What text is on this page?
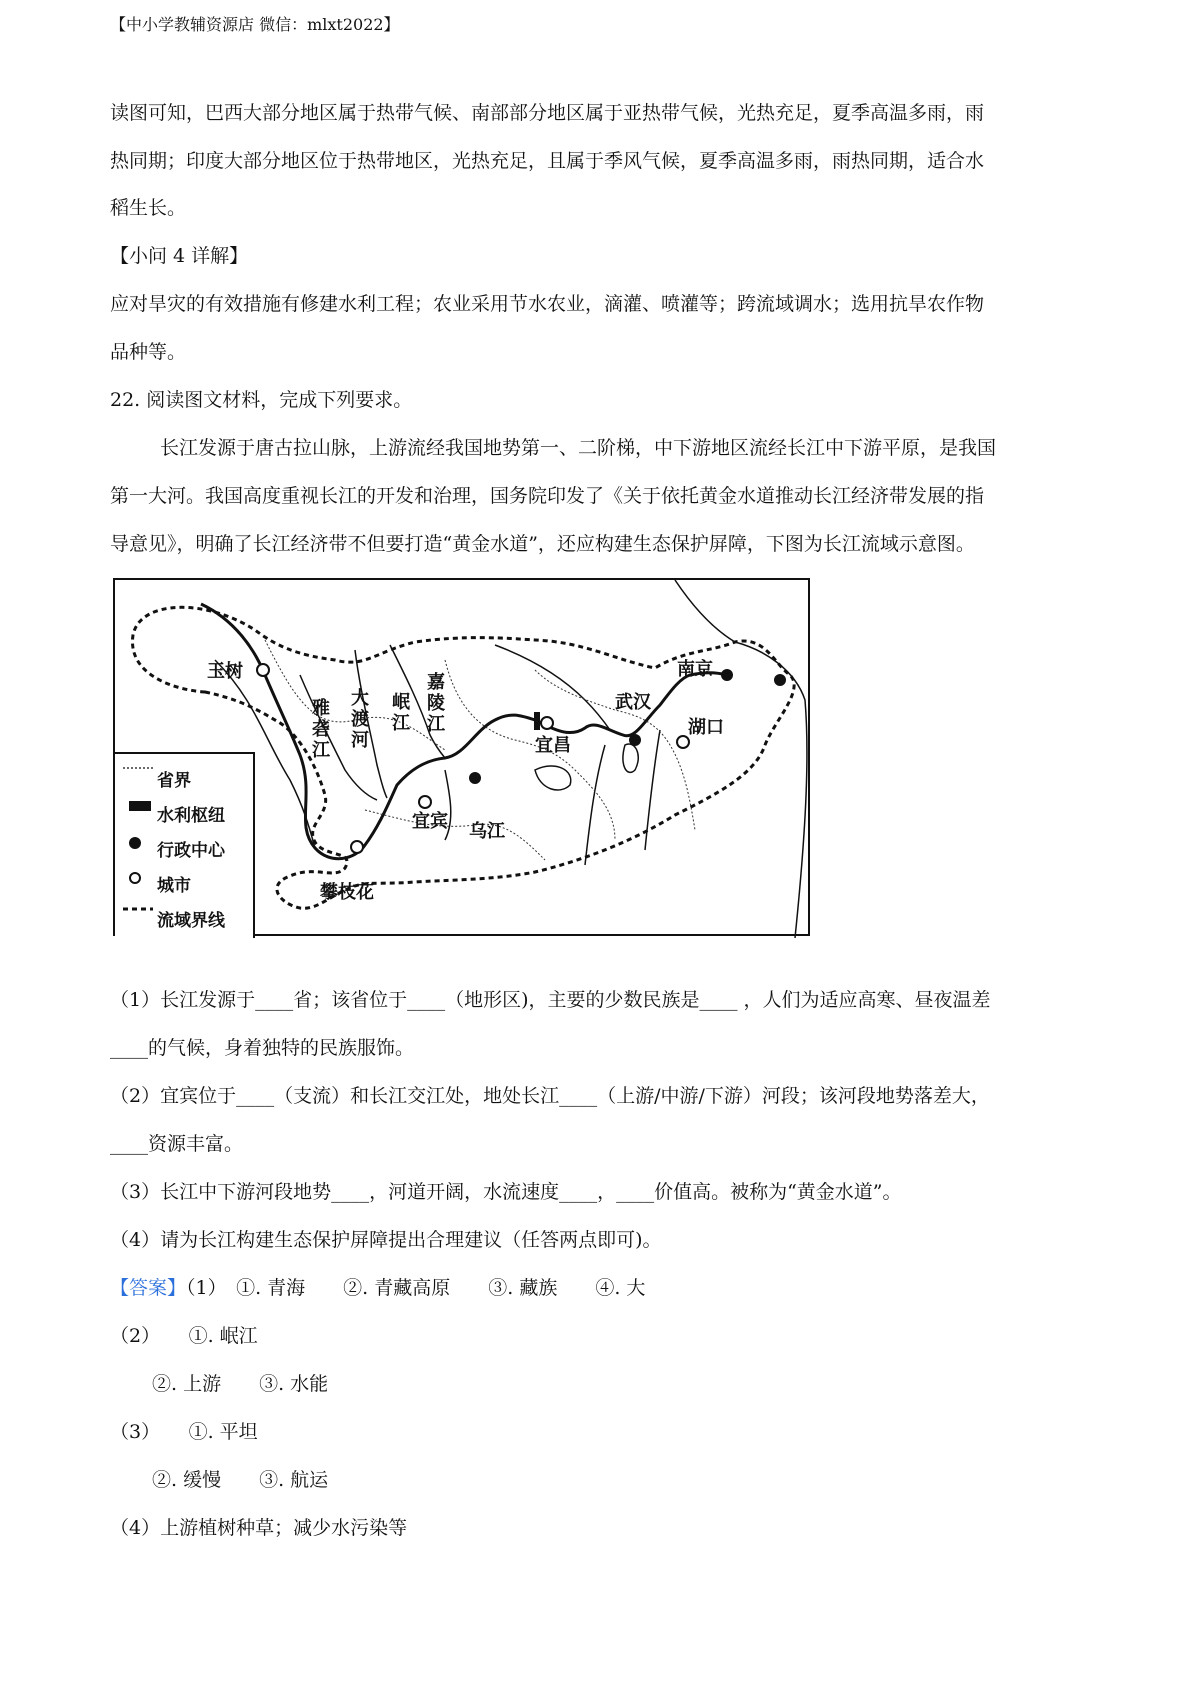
【中小学教辅资源店 微信：mlxt2022】
读图可知，巴西大部分地区属于热带气候、南部部分地区属于亚热带气候，光热充足，夏季高温多雨，雨
热同期；印度大部分地区位于热带地区，光热充足，且属于季风气候，夏季高温多雨，雨热同期，适合水
稻生长。
【小问 4 详解】
应对旱灾的有效措施有修建水利工程；农业采用节水农业，滴灌、喷灌等；跨流域调水；选用抗旱农作物
品种等。
22. 阅读图文材料，完成下列要求。
长江发源于唐古拉山脉，上游流经我国地势第一、二阶梯，中下游地区流经长江中下游平原，是我国
第一大河。我国高度重视长江的开发和治理，国务院印发了《关于依托黄金水道推动长江经济带发展的指
导意见》，明确了长江经济带不但要打造“黄金水道”，还应构建生态保护屏障，下图为长江流域示意图。
玉树	南京
武汉
湖口
宜昌
宜宾 乌江
攀枝花
雅
砻
江
大
渡
河
岷
江
嘉
陵
江
省界
水利枢纽
行政中心
城市
流域界线
（1）长江发源于____省；该省位于____（地形区)，主要的少数民族是____ ，人们为适应高寒、昼夜温差
____的气候，身着独特的民族服饰。
（2）宜宾位于____（支流）和长江交江处，地处长江____（上游/中游/下游）河段；该河段地势落差大，
____资源丰富。
（3）长江中下游河段地势____，河道开阔，水流速度____，____价值高。被称为“黄金水道”。
（4）请为长江构建生态保护屏障提出合理建议（任答两点即可)。
【答案】（1）　①. 青海　　②. 青藏高原　　③. 藏族　　④. 大
（2）　　①. 岷江
②. 上游　　③. 水能
（3）　　①. 平坦
②. 缓慢　　③. 航运
（4）上游植树种草；减少水污染等
